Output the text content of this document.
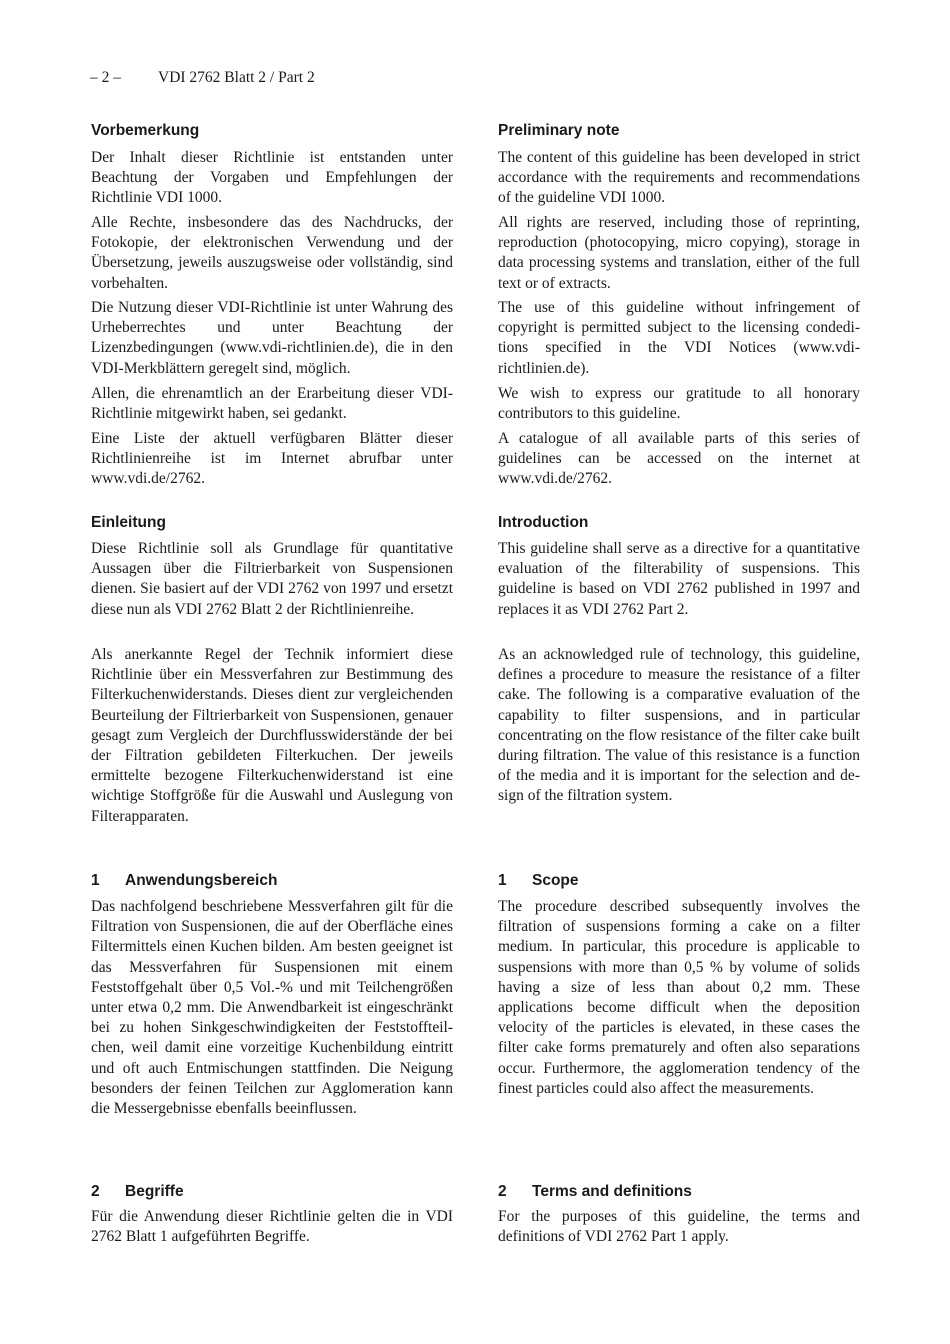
– 2 – VDI 2762 Blatt 2 / Part 2
Vorbemerkung

Der Inhalt dieser Richtlinie ist entstanden unter Beachtung der Vorgaben und Empfehlungen der Richtlinie VDI 1000.

Alle Rechte, insbesondere das des Nachdrucks, der Fotokopie, der elektronischen Verwendung und der Übersetzung, jeweils auszugsweise oder vollständig, sind vorbehalten.

Die Nutzung dieser VDI-Richtlinie ist unter Wahrung des Urheberrechtes und unter Beachtung der Lizenzbedingungen (www.vdi-richtlinien.de), die in den VDI-Merkblättern geregelt sind, möglich.

Allen, die ehrenamtlich an der Erarbeitung dieser VDI-Richtlinie mitgewirkt haben, sei gedankt.

Eine Liste der aktuell verfügbaren Blätter dieser Richtlinienreihe ist im Internet abrufbar unter www.vdi.de/2762.

Einleitung

Diese Richtlinie soll als Grundlage für quantitative Aussagen über die Filtrierbarkeit von Suspensionen dienen. Sie basiert auf der VDI 2762 von 1997 und ersetzt diese nun als VDI 2762 Blatt 2 der Richtlinienreihe.

Als anerkannte Regel der Technik informiert diese Richtlinie über ein Messverfahren zur Bestimmung des Filterkuchenwiderstands. Dieses dient zur vergleichenden Beurteilung der Filtrierbarkeit von Suspensionen, genauer gesagt zum Vergleich der Durchflusswiderstände der bei der Filtration gebildeten Filterkuchen. Der jeweils ermittelte bezogene Filterkuchenwiderstand ist eine wichtige Stoffgröße für die Auswahl und Auslegung von Filterapparaten.

1 Anwendungsbereich

Das nachfolgend beschriebene Messverfahren gilt für die Filtration von Suspensionen, die auf der Oberfläche eines Filtermittels einen Kuchen bilden. Am besten geeignet ist das Messverfahren für Suspensionen mit einem Feststoffgehalt über 0,5 Vol.-% und mit Teilchengrößen unter etwa 0,2 mm. Die Anwendbarkeit ist eingeschränkt bei zu hohen Sinkgeschwindigkeiten der Feststoffteilchen, weil damit eine vorzeitige Kuchenbildung eintritt und oft auch Entmischungen stattfinden. Die Neigung besonders der feinen Teilchen zur Agglomeration kann die Messergebnisse ebenfalls beeinflussen.

2 Begriffe

Für die Anwendung dieser Richtlinie gelten die in VDI 2762 Blatt 1 aufgeführten Begriffe.

Preliminary note

The content of this guideline has been developed in strict accordance with the requirements and recommendations of the guideline VDI 1000.

All rights are reserved, including those of reprinting, reproduction (photocopying, micro copying), storage in data processing systems and translation, either of the full text or of extracts.

The use of this guideline without infringement of copyright is permitted subject to the licensing condeditions specified in the VDI Notices (www.vdi-richtlinien.de).

We wish to express our gratitude to all honorary contributors to this guideline.

A catalogue of all available parts of this series of guidelines can be accessed on the internet at www.vdi.de/2762.

Introduction

This guideline shall serve as a directive for a quantitative evaluation of the filterability of suspensions. This guideline is based on VDI 2762 published in 1997 and replaces it as VDI 2762 Part 2.

As an acknowledged rule of technology, this guideline, defines a procedure to measure the resistance of a filter cake. The following is a comparative evaluation of the capability to filter suspensions, and in particular concentrating on the flow resistance of the filter cake built during filtration. The value of this resistance is a function of the media and it is important for the selection and design of the filtration system.

1 Scope

The procedure described subsequently involves the filtration of suspensions forming a cake on a filter medium. In particular, this procedure is applicable to suspensions with more than 0,5 % by volume of solids having a size of less than about 0,2 mm. These applications become difficult when the deposition velocity of the particles is elevated, in these cases the filter cake forms prematurely and often also separations occur. Furthermore, the agglomeration tendency of the finest particles could also affect the measurements.

2 Terms and definitions

For the purposes of this guideline, the terms and definitions of VDI 2762 Part 1 apply.
